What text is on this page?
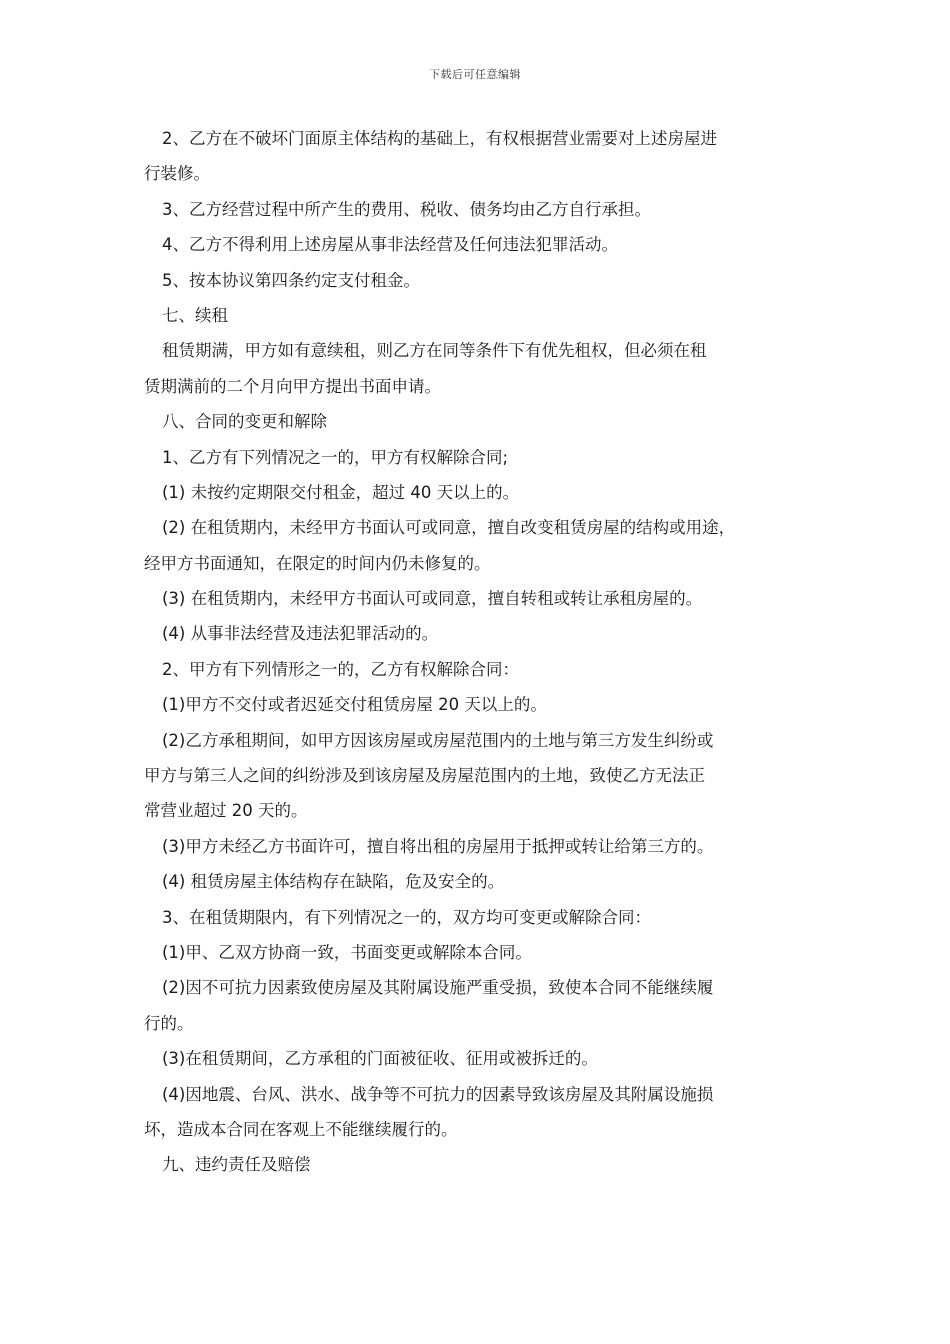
下载后可任意编辑
2、乙方在不破坏门面原主体结构的基础上，有权根据营业需要对上述房屋进
行装修。
3、乙方经营过程中所产生的费用、税收、债务均由乙方自行承担。
4、乙方不得利用上述房屋从事非法经营及任何违法犯罪活动。
5、按本协议第四条约定支付租金。
七、续租
租赁期满，甲方如有意续租，则乙方在同等条件下有优先租权，但必须在租
赁期满前的二个月向甲方提出书面申请。
八、合同的变更和解除
1、乙方有下列情况之一的，甲方有权解除合同;
(1) 未按约定期限交付租金，超过 40 天以上的。
(2) 在租赁期内，未经甲方书面认可或同意，擅自改变租赁房屋的结构或用途，
经甲方书面通知，在限定的时间内仍未修复的。
(3) 在租赁期内，未经甲方书面认可或同意，擅自转租或转让承租房屋的。
(4) 从事非法经营及违法犯罪活动的。
2、甲方有下列情形之一的，乙方有权解除合同：
(1)甲方不交付或者迟延交付租赁房屋 20 天以上的。
(2)乙方承租期间，如甲方因该房屋或房屋范围内的土地与第三方发生纠纷或
甲方与第三人之间的纠纷涉及到该房屋及房屋范围内的土地，致使乙方无法正
常营业超过 20 天的。
(3)甲方未经乙方书面许可，擅自将出租的房屋用于抵押或转让给第三方的。
(4) 租赁房屋主体结构存在缺陷，危及安全的。
3、在租赁期限内，有下列情况之一的，双方均可变更或解除合同：
(1)甲、乙双方协商一致，书面变更或解除本合同。
(2)因不可抗力因素致使房屋及其附属设施严重受损，致使本合同不能继续履
行的。
(3)在租赁期间，乙方承租的门面被征收、征用或被拆迁的。
(4)因地震、台风、洪水、战争等不可抗力的因素导致该房屋及其附属设施损
坏，造成本合同在客观上不能继续履行的。
九、违约责任及赔偿
